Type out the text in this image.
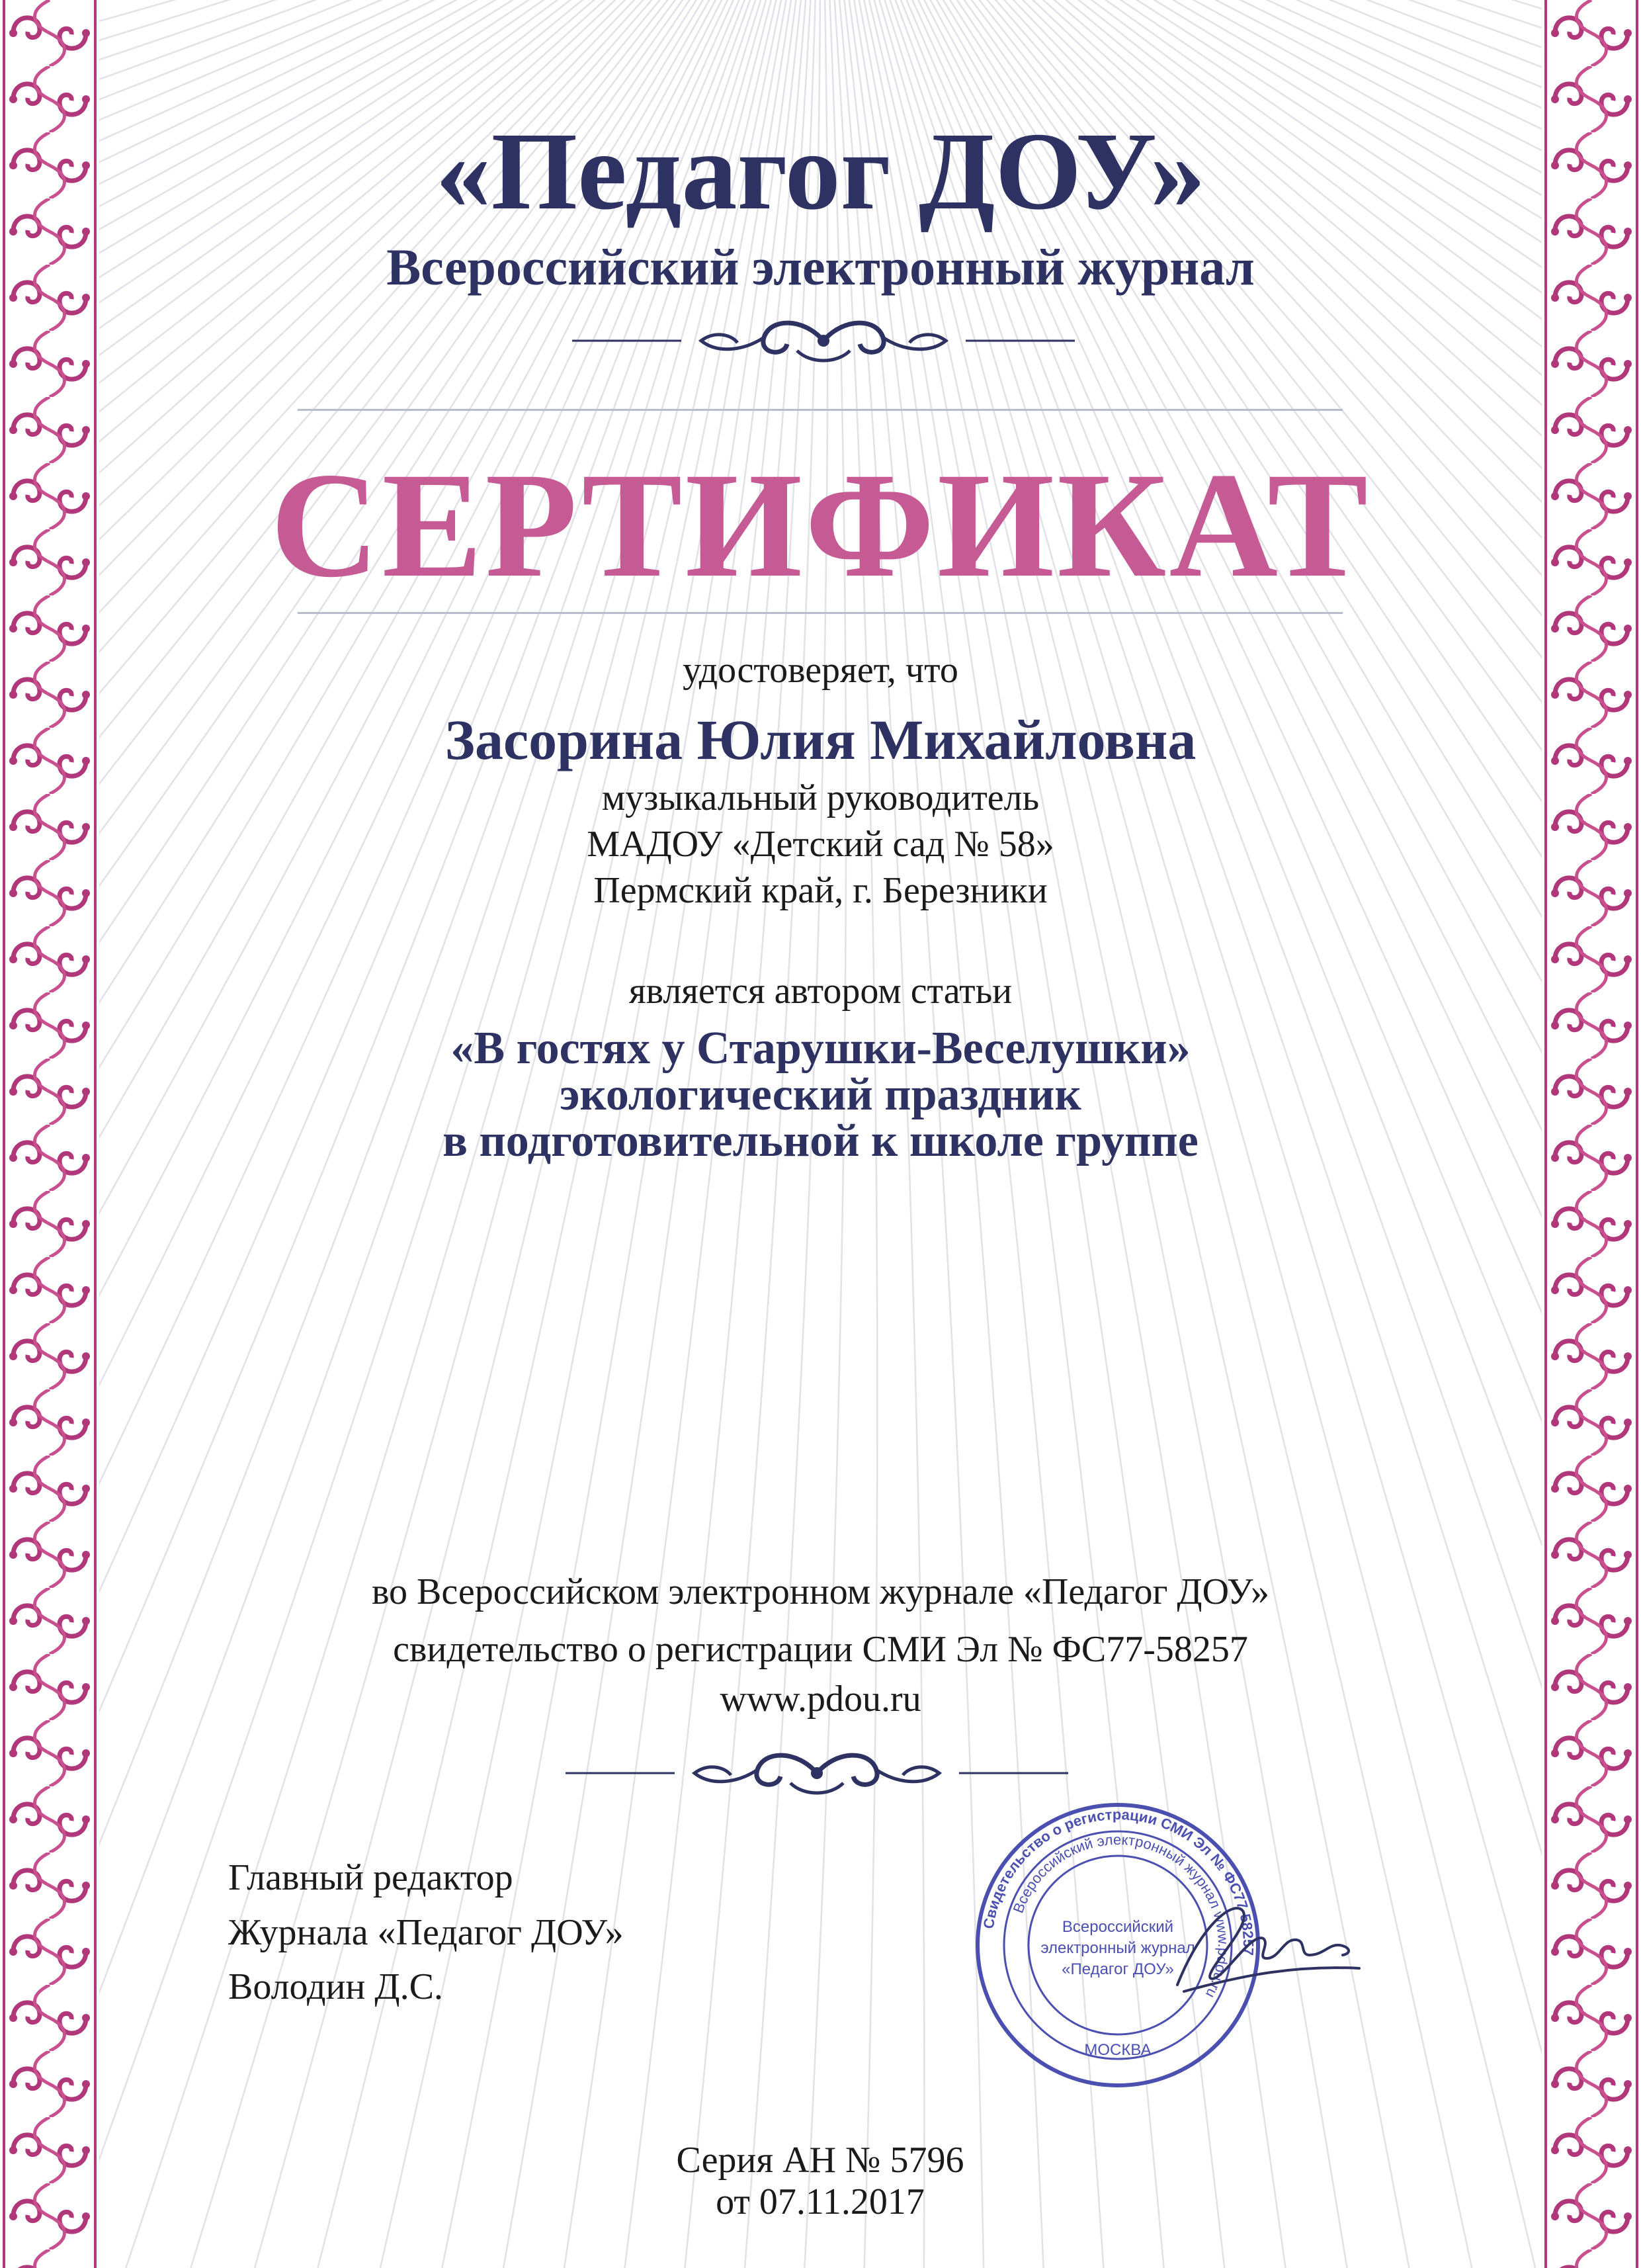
«Педагог ДОУ»
Всероссийский электронный журнал
СЕРТИФИКАТ
удостоверяет, что
Засорина Юлия Михайловна
музыкальный руководитель
МАДОУ «Детский сад № 58»
Пермский край, г. Березники
является автором статьи
«В гостях у Старушки-Веселушки»
экологический праздник
в подготовительной к школе группе
во Всероссийском электронном журнале «Педагог ДОУ»
свидетельство о регистрации СМИ Эл № ФС77-58257
www.pdou.ru
Главный редактор
Журнала «Педагог ДОУ»
Володин Д.С.
Свидетельство о регистрации СМИ Эл № ФС77-58257
Всероссийский электронный журнал www.pdou.ru
Всероссийский
электронный журнал
«Педагог ДОУ»
МОСКВА
Серия АН № 5796
от 07.11.2017
